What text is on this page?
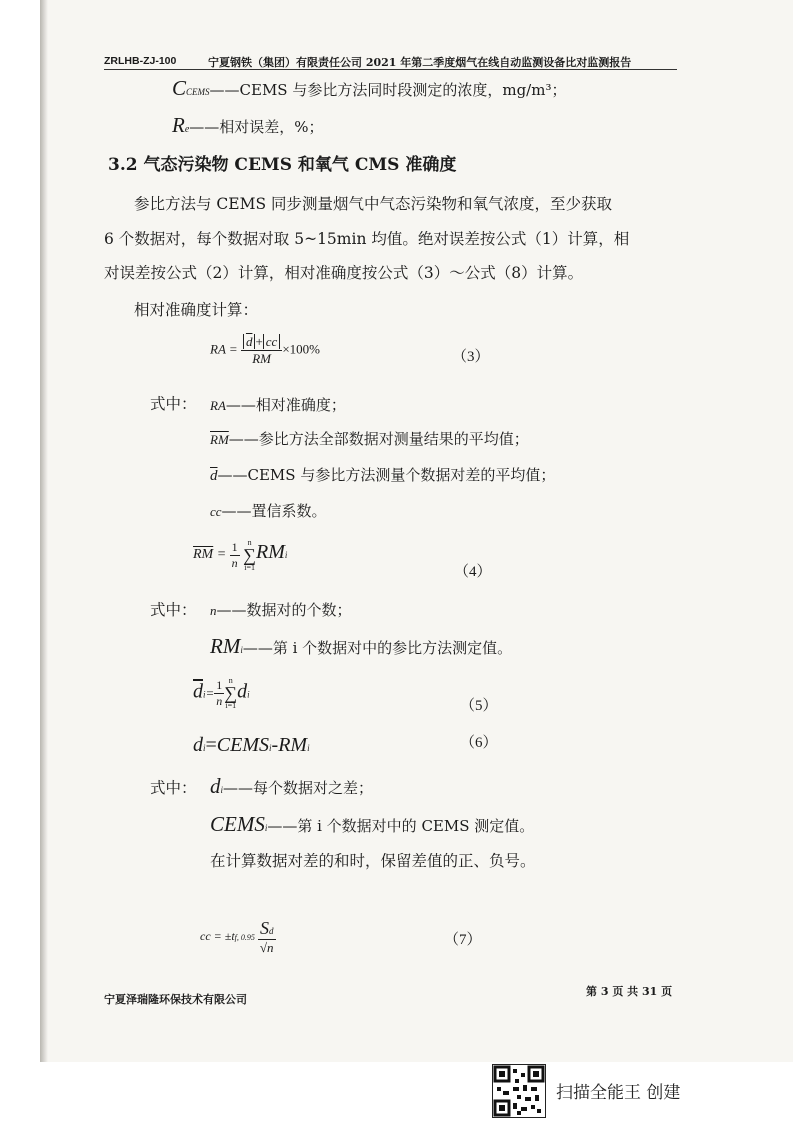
ZRLHB-ZJ-100	宁夏钢铁（集团）有限责任公司 2021 年第二季度烟气在线自动监测设备比对监测报告
CCEMS——CEMS 与参比方法同时段测定的浓度，mg/m³；
Re——相对误差，%；
3.2 气态污染物 CEMS 和氧气 CMS 准确度
参比方法与 CEMS 同步测量烟气中气态污染物和氧气浓度，至少获取
6 个数据对，每个数据对取 5~15min 均值。绝对误差按公式（1）计算，相
对误差按公式（2）计算，相对准确度按公式（3）～公式（8）计算。
相对准确度计算：
RA = $\frac{\overline{d} + cc}{RM} \times 100\%$
（3）
式中： RA——相对准确度；
$\overline{RM}——$参比方法全部数据对测量结果的平均值；
$\overline{d}——CEMS$ 与参比方法测量个数据对差的平均值；
cc——置信系数。
$\overline{RM} = \frac{1}{n}$
n
∑
i=1
RMi
（4）
式中： n——数据对的个数；
RMi——第 i 个数据对中的参比方法测定值。
$\overline{d}i= \frac{1}{n}$ n
∑
i=1
di
（5）
di=CEMSi-RMi	（6）
式中： di——每个数据对之差；
CEMSi——第 i 个数据对中的 CEMS 测定值。
在计算数据对差的和时，保留差值的正、负号。
cc = ±tf, $0.95 \frac{Sd}{√n}$	（7）
宁夏泽瑞隆环保技术有限公司
第 3 页 共 31 页
扫描全能王 创建
